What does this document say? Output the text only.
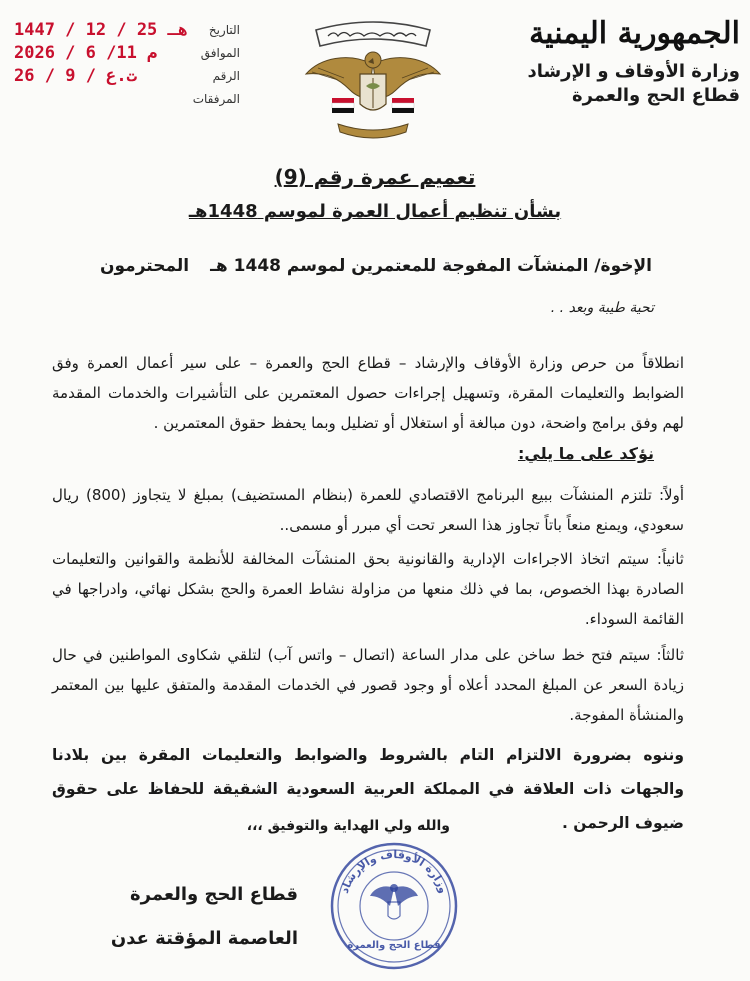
الجمهورية اليمنية
وزارة الأوقاف و الإرشاد
قطاع الحج والعمرة
1447 / 12 / 25 هـ التاريخ
2026 / 6 /11 م	الموافق
ت.ع / 9 / 26	الرقم
المرفقات
تعميم عمرة رقم (9)
بشأن تنظيم أعمال العمرة لموسم 1448هـ
الإخوة/ المنشآت المفوجة للمعتمرين لموسم 1448 هـ
المحترمون
تحية طيبة وبعد . .
انطلاقاً من حرص وزارة الأوقاف والإرشاد – قطاع الحج والعمرة – على سير أعمال العمرة وفق الضوابط والتعليمات المقرة، وتسهيل إجراءات حصول المعتمرين على التأشيرات والخدمات المقدمة لهم وفق برامج واضحة، دون مبالغة أو استغلال أو تضليل وبما يحفظ حقوق المعتمرين .
نؤكد على ما يلي:
أولاً: تلتزم المنشآت ببيع البرنامج الاقتصادي للعمرة (بنظام المستضيف) بمبلغ لا يتجاوز (800) ريال سعودي، ويمنع منعاً باتاً تجاوز هذا السعر تحت أي مبرر أو مسمى..
ثانياً: سيتم اتخاذ الاجراءات الإدارية والقانونية بحق المنشآت المخالفة للأنظمة والقوانين والتعليمات الصادرة بهذا الخصوص، بما في ذلك منعها من مزاولة نشاط العمرة والحج بشكل نهائي، وادراجها في القائمة السوداء.
ثالثاً: سيتم فتح خط ساخن على مدار الساعة (اتصال – واتس آب) لتلقي شكاوى المواطنين في حال زيادة السعر عن المبلغ المحدد أعلاه أو وجود قصور في الخدمات المقدمة والمتفق عليها بين المعتمر والمنشأة المفوجة.
وننوه بضرورة الالتزام التام بالشروط والضوابط والتعليمات المقرة بين بلادنا والجهات ذات العلاقة في المملكة العربية السعودية الشقيقة للحفاظ على حقوق ضيوف الرحمن .
والله ولي الهداية والتوفيق ،،،
وزارة الأوقاف والإرشاد
قطاع الحج والعمرة
قطاع الحج والعمرة
العاصمة المؤقتة عدن
